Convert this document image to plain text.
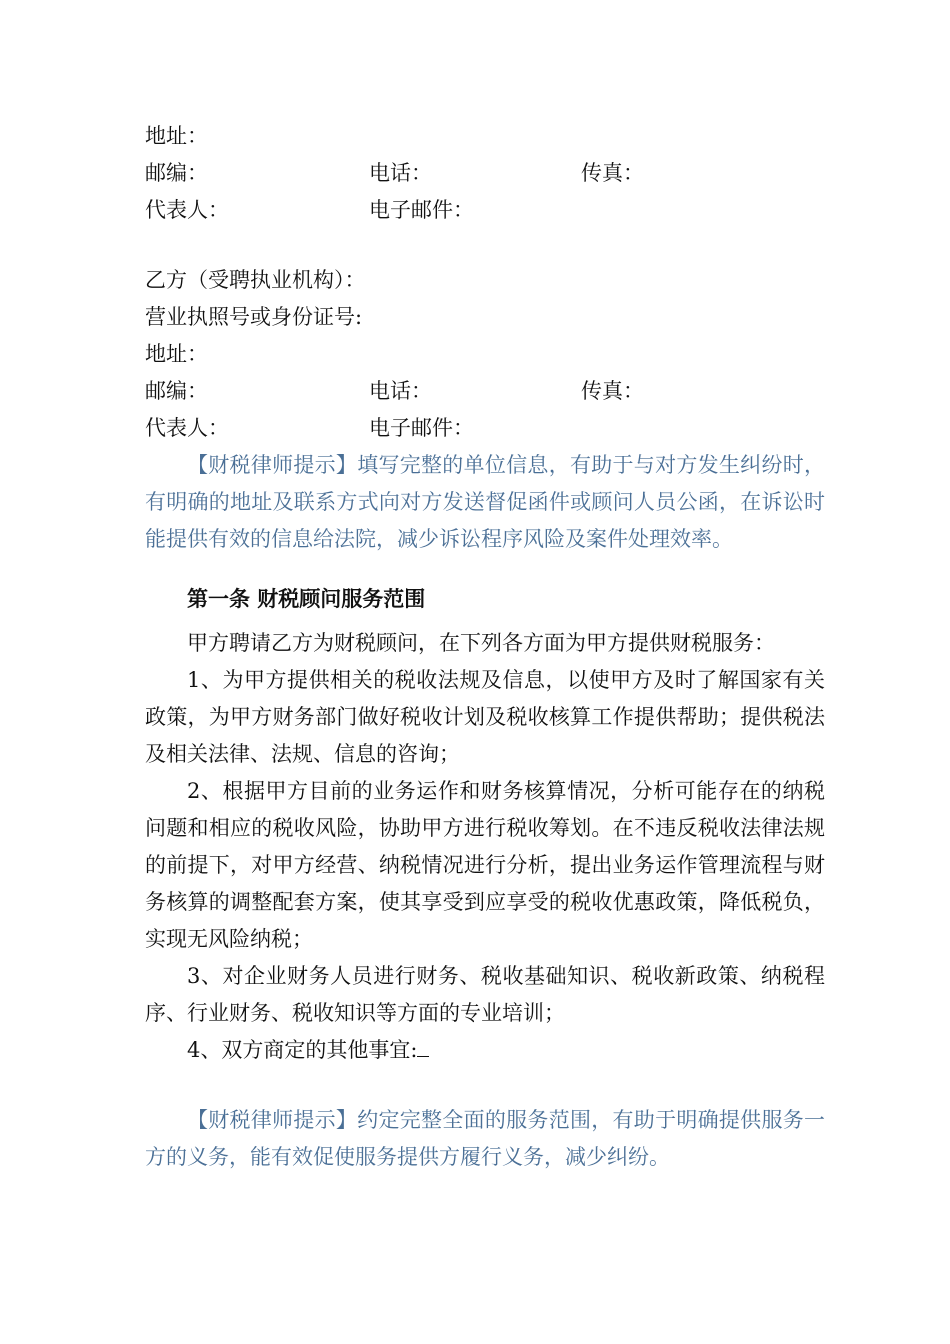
地址：
邮编：	电话：	传真：
代表人：	电子邮件：
乙方（受聘执业机构）：
营业执照号或身份证号:
地址：
邮编：	电话：	传真：
代表人：	电子邮件：

【财税律师提示】填写完整的单位信息，有助于与对方发生纠纷时，有明确的地址及联系方式向对方发送督促函件或顾问人员公函，在诉讼时能提供有效的信息给法院，减少诉讼程序风险及案件处理效率。

第一条 财税顾问服务范围

甲方聘请乙方为财税顾问，在下列各方面为甲方提供财税服务：

1、为甲方提供相关的税收法规及信息，以使甲方及时了解国家有关政策，为甲方财务部门做好税收计划及税收核算工作提供帮助；提供税法及相关法律、法规、信息的咨询；

2、根据甲方目前的业务运作和财务核算情况，分析可能存在的纳税问题和相应的税收风险，协助甲方进行税收筹划。在不违反税收法律法规的前提下，对甲方经营、纳税情况进行分析，提出业务运作管理流程与财务核算的调整配套方案，使其享受到应享受的税收优惠政策，降低税负，实现无风险纳税；

3、对企业财务人员进行财务、税收基础知识、税收新政策、纳税程序、行业财务、税收知识等方面的专业培训；

4、双方商定的其他事宜:

【财税律师提示】约定完整全面的服务范围，有助于明确提供服务一方的义务，能有效促使服务提供方履行义务，减少纠纷。
